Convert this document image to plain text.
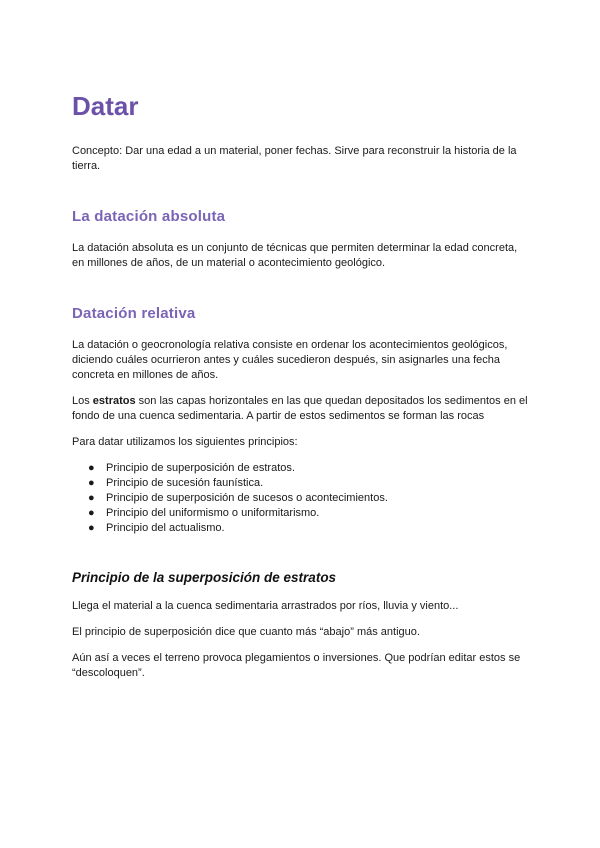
Datar

Concepto: Dar una edad a un material, poner fechas. Sirve para reconstruir la historia de la tierra.

La datación absoluta

La datación absoluta es un conjunto de técnicas que permiten determinar la edad concreta, en millones de años, de un material o acontecimiento geológico.

Datación relativa

La datación o geocronología relativa consiste en ordenar los acontecimientos geológicos, diciendo cuáles ocurrieron antes y cuáles sucedieron después, sin asignarles una fecha concreta en millones de años.

Los estratos son las capas horizontales en las que quedan depositados los sedimentos en el fondo de una cuenca sedimentaria. A partir de estos sedimentos se forman las rocas

Para datar utilizamos los siguientes principios:

● Principio de superposición de estratos.
● Principio de sucesión faunística.
● Principio de superposición de sucesos o acontecimientos.
● Principio del uniformismo o uniformitarismo.
● Principio del actualismo.
Principio de la superposición de estratos

Llega el material a la cuenca sedimentaria arrastrados por ríos, lluvia y viento...

El principio de superposición dice que cuanto más “abajo” más antiguo.

Aún así a veces el terreno provoca plegamientos o inversiones. Que podrían editar estos se “descoloquen”.
